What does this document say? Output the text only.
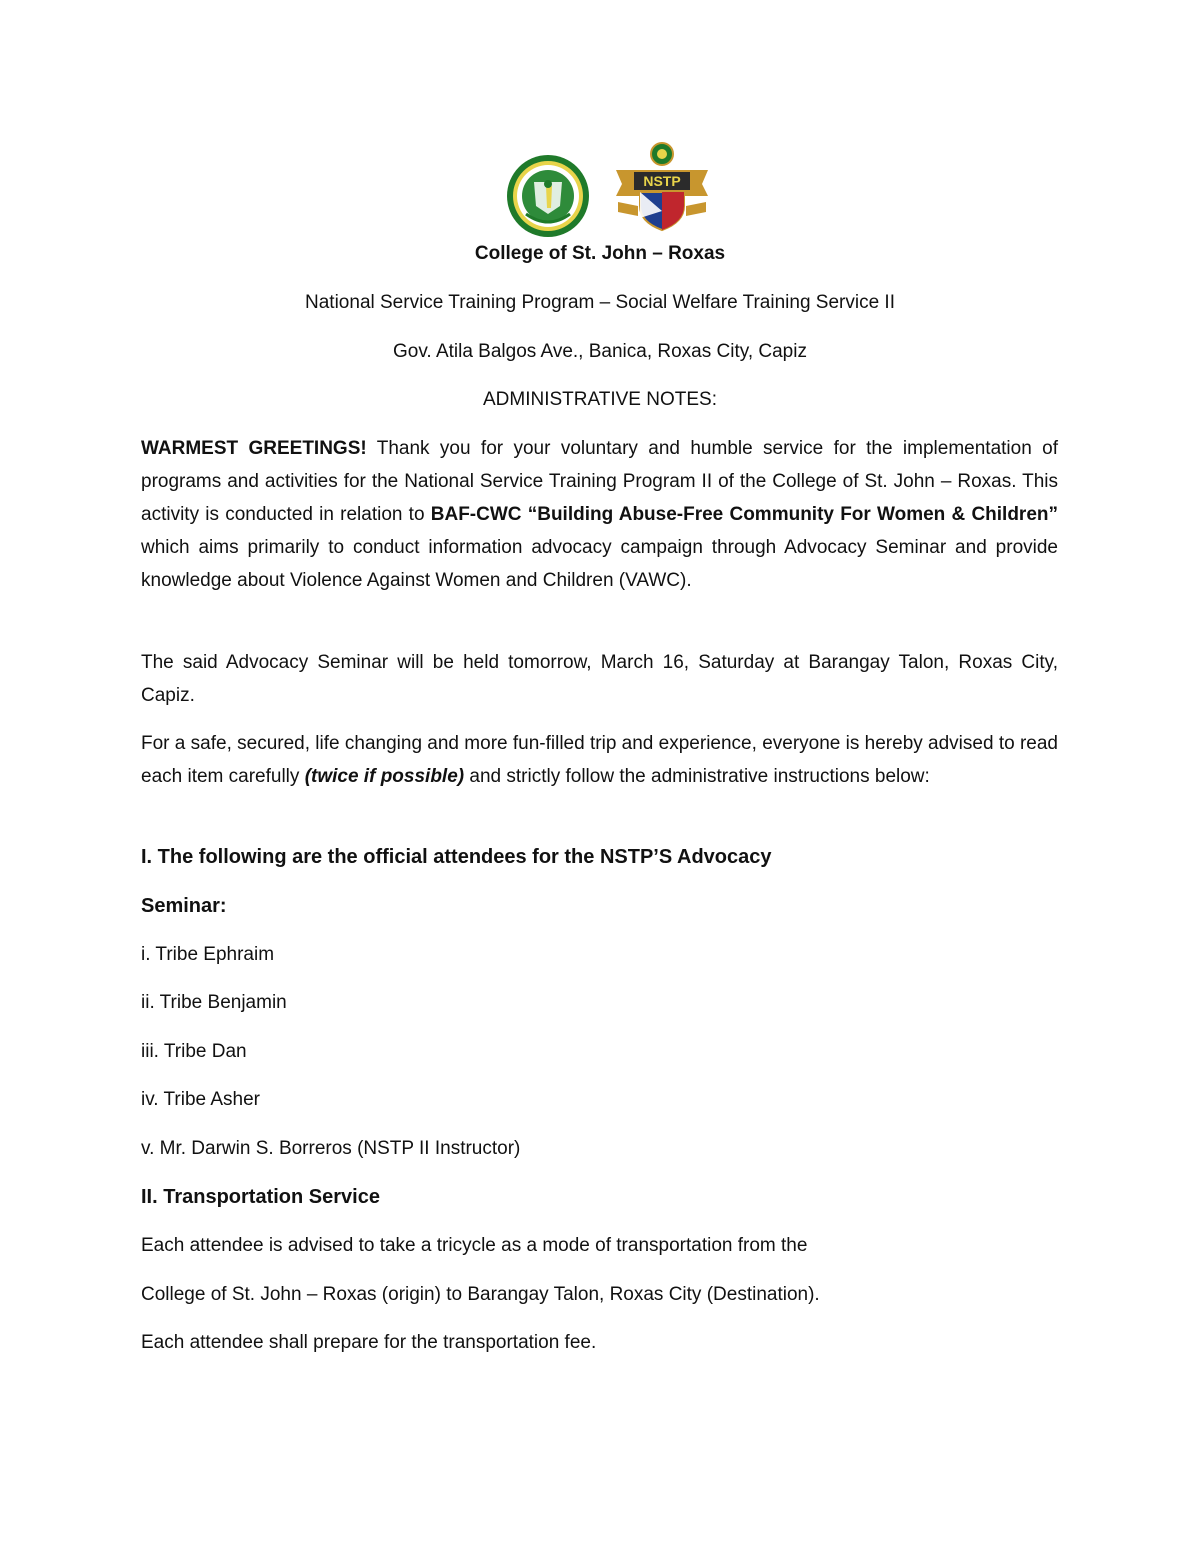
NSTP
College of St. John – Roxas
National Service Training Program – Social Welfare Training Service II
Gov. Atila Balgos Ave., Banica, Roxas City, Capiz
ADMINISTRATIVE NOTES:
WARMEST GREETINGS! Thank you for your voluntary and humble service for the implementation of programs and activities for the National Service Training Program II of the College of St. John – Roxas. This activity is conducted in relation to BAF-CWC “Building Abuse-Free Community For Women & Children” which aims primarily to conduct information advocacy campaign through Advocacy Seminar and provide knowledge about Violence Against Women and Children (VAWC).
The said Advocacy Seminar will be held tomorrow, March 16, Saturday at Barangay Talon, Roxas City, Capiz.
For a safe, secured, life changing and more fun-filled trip and experience, everyone is hereby advised to read each item carefully (twice if possible) and strictly follow the administrative instructions below:
I. The following are the official attendees for the NSTP’S Advocacy
Seminar:
i. Tribe Ephraim
ii. Tribe Benjamin
iii. Tribe Dan
iv. Tribe Asher
v. Mr. Darwin S. Borreros (NSTP II Instructor)
II. Transportation Service
Each attendee is advised to take a tricycle as a mode of transportation from the
College of St. John – Roxas (origin) to Barangay Talon, Roxas City (Destination).
Each attendee shall prepare for the transportation fee.
